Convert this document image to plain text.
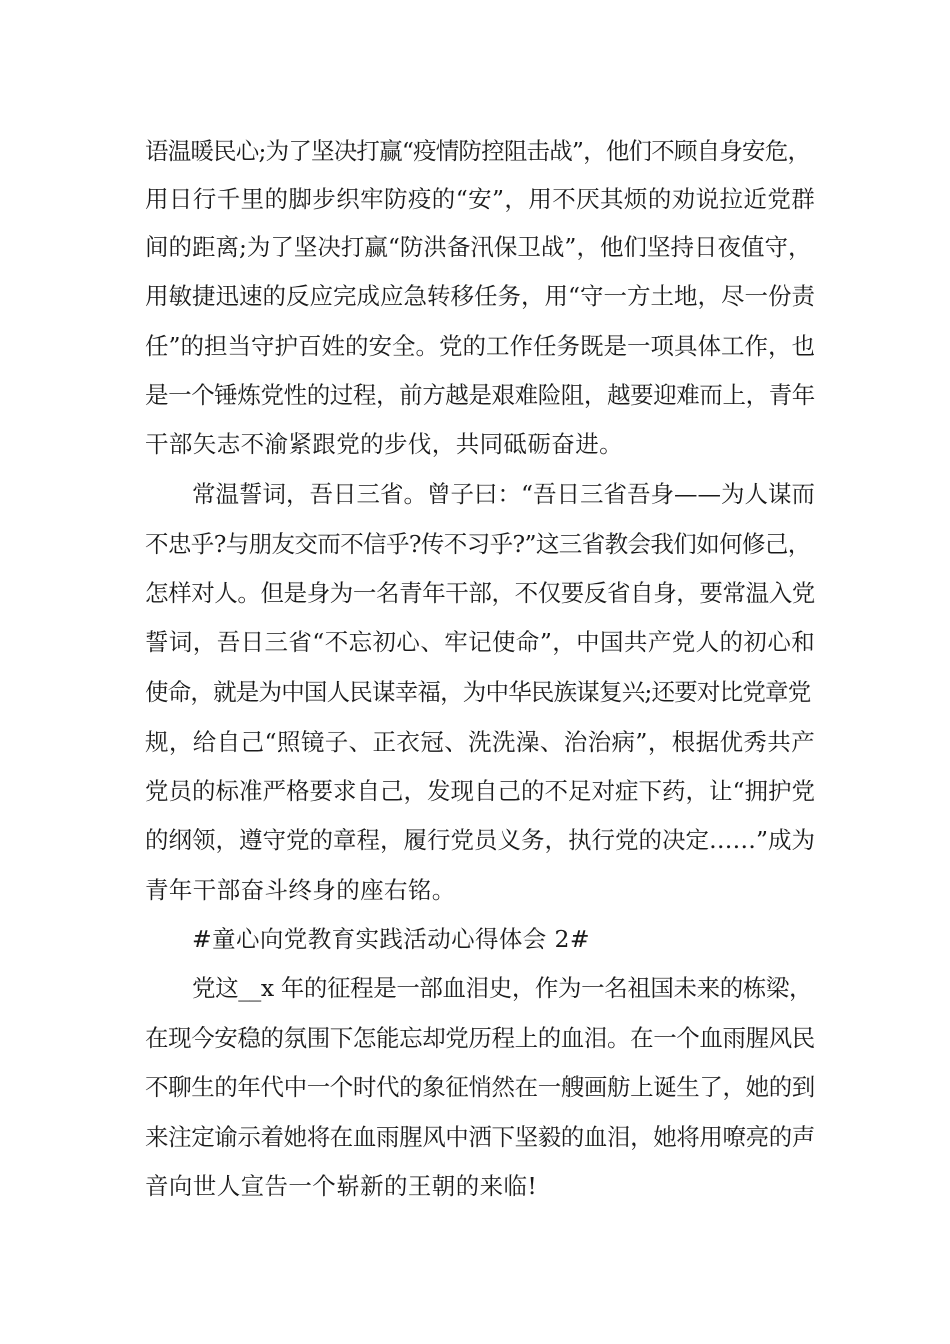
语温暖民心;为了坚决打赢“疫情防控阻击战”，他们不顾自身安危，
用日行千里的脚步织牢防疫的“安”，用不厌其烦的劝说拉近党群
间的距离;为了坚决打赢“防洪备汛保卫战”，他们坚持日夜值守，
用敏捷迅速的反应完成应急转移任务，用“守一方土地，尽一份责
任”的担当守护百姓的安全。党的工作任务既是一项具体工作，也
是一个锤炼党性的过程，前方越是艰难险阻，越要迎难而上，青年
干部矢志不渝紧跟党的步伐，共同砥砺奋进。
常温誓词，吾日三省。曾子曰：“吾日三省吾身——为人谋而
不忠乎?与朋友交而不信乎?传不习乎?”这三省教会我们如何修己，
怎样对人。但是身为一名青年干部，不仅要反省自身，要常温入党
誓词，吾日三省“不忘初心、牢记使命”，中国共产党人的初心和
使命，就是为中国人民谋幸福，为中华民族谋复兴;还要对比党章党
规，给自己“照镜子、正衣冠、洗洗澡、治治病”，根据优秀共产
党员的标准严格要求自己，发现自己的不足对症下药，让“拥护党
的纲领，遵守党的章程，履行党员义务，执行党的决定……”成为
青年干部奋斗终身的座右铭。
#童心向党教育实践活动心得体会 2#
党这__x 年的征程是一部血泪史，作为一名祖国未来的栋梁，
在现今安稳的氛围下怎能忘却党历程上的血泪。在一个血雨腥风民
不聊生的年代中一个时代的象征悄然在一艘画舫上诞生了，她的到
来注定谕示着她将在血雨腥风中洒下坚毅的血泪，她将用嘹亮的声
音向世人宣告一个崭新的王朝的来临!
